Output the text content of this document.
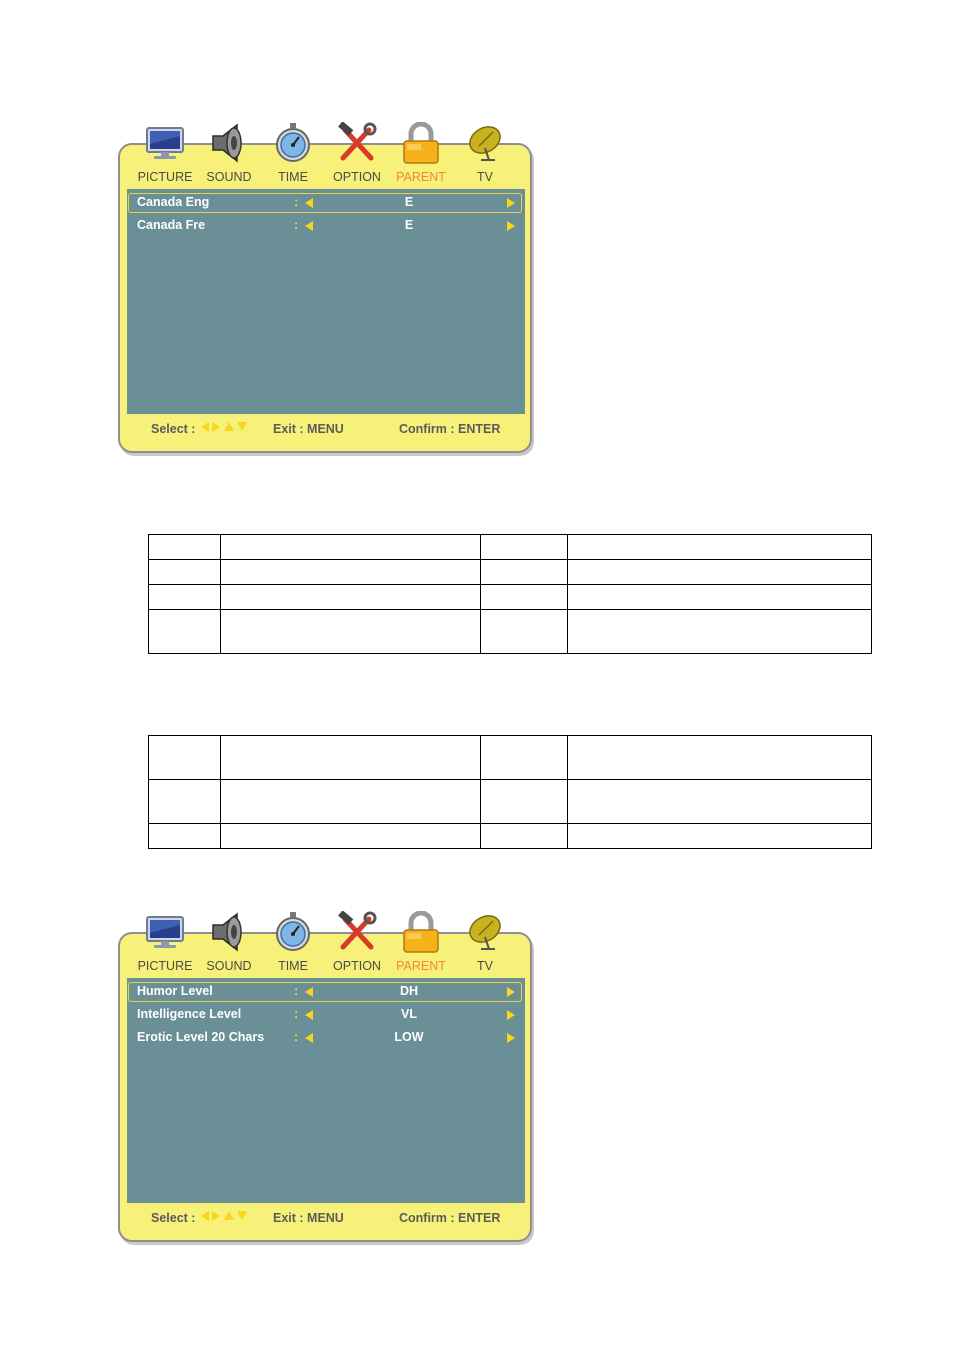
PICTURE	SOUND	TIME	OPTION	PARENT	TV
Canada Eng	:	E
Canada Fre	:	E
Select :	Exit : MENU	Confirm : ENTER

PICTURE	SOUND	TIME	OPTION	PARENT	TV
Humor Level	:	DH
Intelligence Level	:	VL
Erotic Level 20 Chars :	LOW
Select :	Exit : MENU	Confirm : ENTER
